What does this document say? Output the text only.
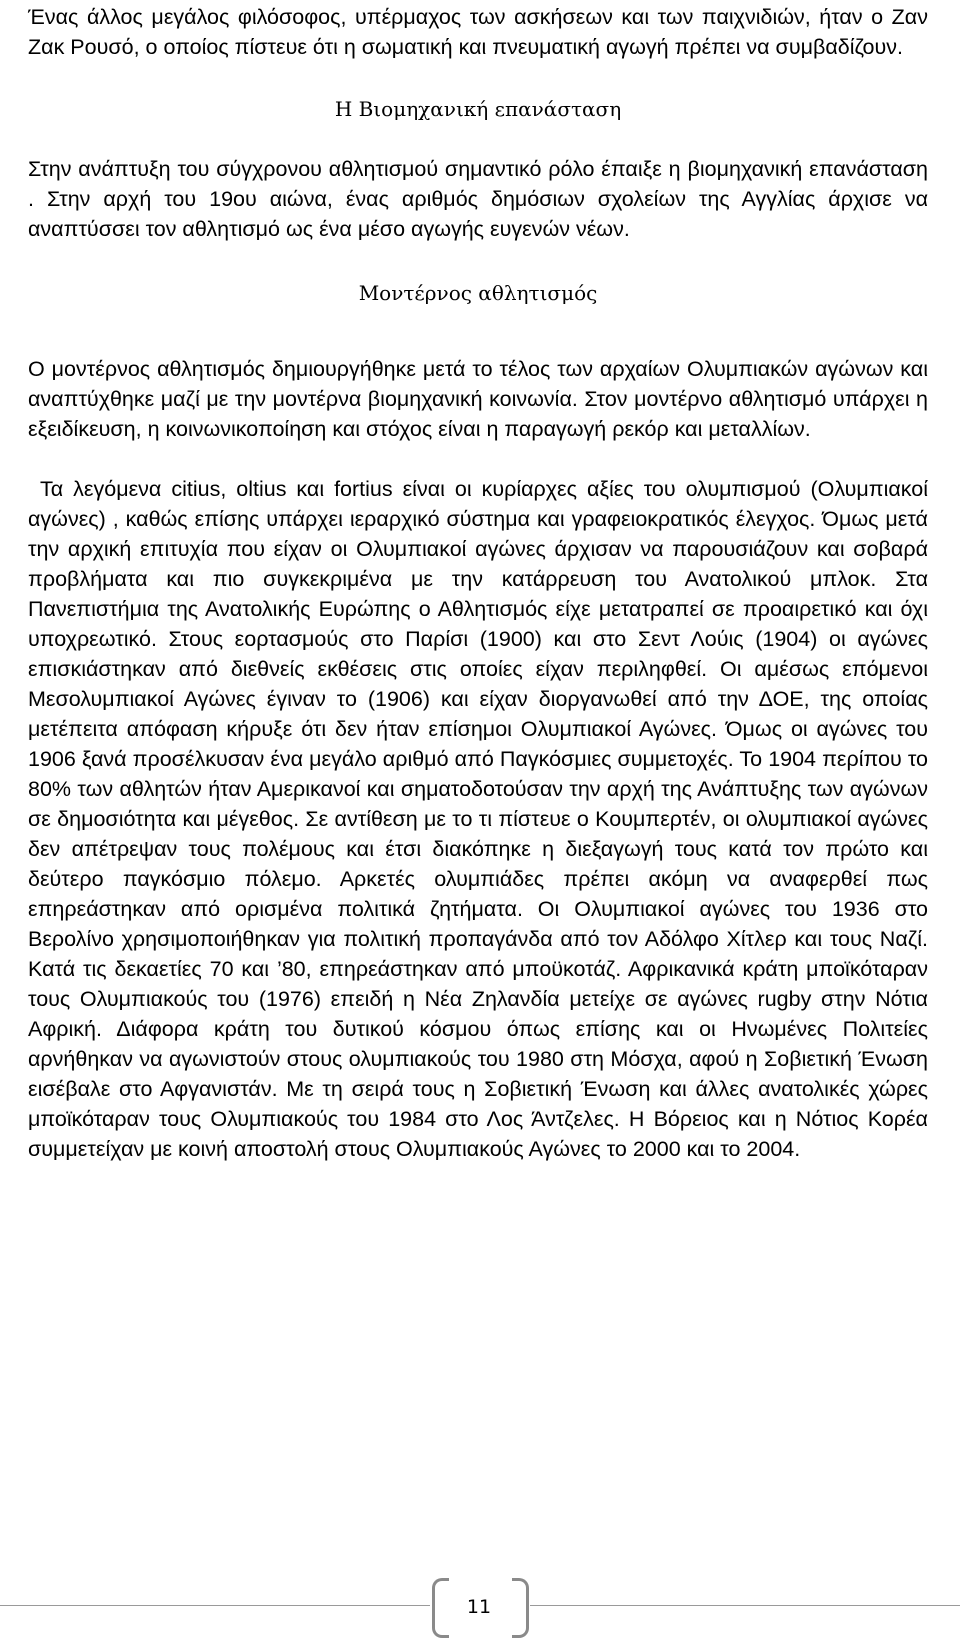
Ένας άλλος μεγάλος φιλόσοφος, υπέρμαχος των ασκήσεων και των παιχνιδιών, ήταν ο Ζαν Ζακ Ρουσό, ο οποίος πίστευε ότι η σωματική και πνευματική αγωγή πρέπει να συμβαδίζουν.

Η Βιομηχανική επανάσταση

Στην ανάπτυξη του σύγχρονου αθλητισμού σημαντικό ρόλο έπαιξε η βιομηχανική επανάσταση . Στην αρχή του 19ου αιώνα, ένας αριθμός δημόσιων σχολείων της Αγγλίας άρχισε να αναπτύσσει τον αθλητισμό ως ένα μέσο αγωγής ευγενών νέων.

Μοντέρνος αθλητισμός

Ο μοντέρνος αθλητισμός δημιουργήθηκε μετά το τέλος των αρχαίων Ολυμπιακών αγώνων και αναπτύχθηκε μαζί με την μοντέρνα βιομηχανική κοινωνία. Στον μοντέρνο αθλητισμό υπάρχει η εξειδίκευση, η κοινωνικοποίηση και στόχος είναι η παραγωγή ρεκόρ και μεταλλίων.

Τα λεγόμενα citius, oltius και fortius είναι οι κυρίαρχες αξίες του ολυμπισμού (Ολυμπιακοί αγώνες) , καθώς επίσης υπάρχει ιεραρχικό σύστημα και γραφειοκρατικός έλεγχος. Όμως μετά την αρχική επιτυχία που είχαν οι Ολυμπιακοί αγώνες άρχισαν να παρουσιάζουν και σοβαρά προβλήματα και πιο συγκεκριμένα με την κατάρρευση του Ανατολικού μπλοκ. Στα Πανεπιστήμια της Ανατολικής Ευρώπης ο Αθλητισμός είχε μετατραπεί σε προαιρετικό και όχι υποχρεωτικό. Στους εορτασμούς στο Παρίσι (1900) και στο Σεντ Λούις (1904) οι αγώνες επισκιάστηκαν από διεθνείς εκθέσεις στις οποίες είχαν περιληφθεί. Οι αμέσως επόμενοι Μεσολυμπιακοί Αγώνες έγιναν το (1906) και είχαν διοργανωθεί από την ΔΟΕ, της οποίας μετέπειτα απόφαση κήρυξε ότι δεν ήταν επίσημοι Ολυμπιακοί Αγώνες. Όμως οι αγώνες του 1906 ξανά προσέλκυσαν ένα μεγάλο αριθμό από Παγκόσμιες συμμετοχές. Το 1904 περίπου το 80% των αθλητών ήταν Αμερικανοί και σηματοδοτούσαν την αρχή της Ανάπτυξης των αγώνων σε δημοσιότητα και μέγεθος. Σε αντίθεση με το τι πίστευε ο Κουμπερτέν, οι ολυμπιακοί αγώνες δεν απέτρεψαν τους πολέμους και έτσι διακόπηκε η διεξαγωγή τους κατά τον πρώτο και δεύτερο παγκόσμιο πόλεμο. Αρκετές ολυμπιάδες πρέπει ακόμη να αναφερθεί πως επηρεάστηκαν από ορισμένα πολιτικά ζητήματα. Οι Ολυμπιακοί αγώνες του 1936 στο Βερολίνο χρησιμοποιήθηκαν για πολιτική προπαγάνδα από τον Αδόλφο Χίτλερ και τους Ναζί. Κατά τις δεκαετίες 70 και ’80, επηρεάστηκαν από μποϋκοτάζ. Αφρικανικά κράτη μποϊκόταραν τους Ολυμπιακούς του (1976) επειδή η Νέα Ζηλανδία μετείχε σε αγώνες rugby στην Νότια Αφρική. Διάφορα κράτη του δυτικού κόσμου όπως επίσης και οι Ηνωμένες Πολιτείες αρνήθηκαν να αγωνιστούν στους ολυμπιακούς του 1980 στη Μόσχα, αφού η Σοβιετική Ένωση εισέβαλε στο Αφγανιστάν. Με τη σειρά τους η Σοβιετική Ένωση και άλλες ανατολικές χώρες μποϊκόταραν τους Ολυμπιακούς του 1984 στο Λος Άντζελες. Η Βόρειος και η Νότιος Κορέα συμμετείχαν με κοινή αποστολή στους Ολυμπιακούς Αγώνες το 2000 και το 2004.

11
